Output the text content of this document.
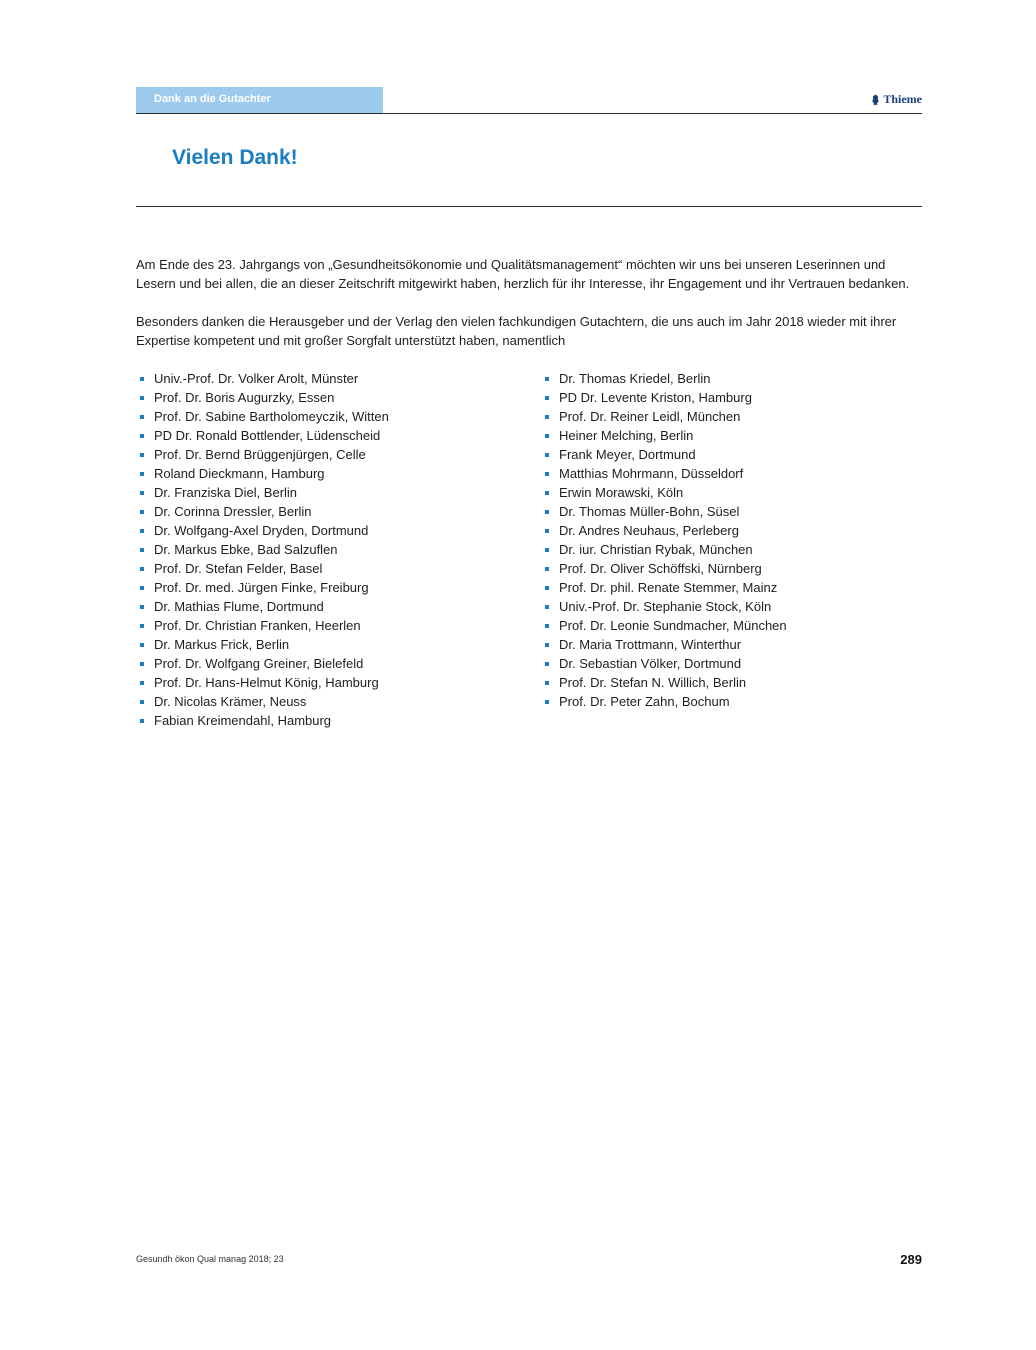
Dank an die Gutachter	Thieme
Vielen Dank!

Am Ende des 23. Jahrgangs von „Gesundheitsökonomie und Qualitätsmanagement“ möchten wir uns bei unseren Leserinnen und Lesern und bei allen, die an dieser Zeitschrift mitgewirkt haben, herzlich für ihr Interesse, ihr Engagement und ihr Vertrauen bedanken.

Besonders danken die Herausgeber und der Verlag den vielen fachkundigen Gutachtern, die uns auch im Jahr 2018 wieder mit ihrer Expertise kompetent und mit großer Sorgfalt unterstützt haben, namentlich

Univ.-Prof. Dr. Volker Arolt, Münster
Prof. Dr. Boris Augurzky, Essen
Prof. Dr. Sabine Bartholomeyczik, Witten
PD Dr. Ronald Bottlender, Lüdenscheid
Prof. Dr. Bernd Brüggenjürgen, Celle
Roland Dieckmann, Hamburg
Dr. Franziska Diel, Berlin
Dr. Corinna Dressler, Berlin
Dr. Wolfgang-Axel Dryden, Dortmund
Dr. Markus Ebke, Bad Salzuflen
Prof. Dr. Stefan Felder, Basel
Prof. Dr. med. Jürgen Finke, Freiburg
Dr. Mathias Flume, Dortmund
Prof. Dr. Christian Franken, Heerlen
Dr. Markus Frick, Berlin
Prof. Dr. Wolfgang Greiner, Bielefeld
Prof. Dr. Hans-Helmut König, Hamburg
Dr. Nicolas Krämer, Neuss
Fabian Kreimendahl, Hamburg
Dr. Thomas Kriedel, Berlin
PD Dr. Levente Kriston, Hamburg
Prof. Dr. Reiner Leidl, München
Heiner Melching, Berlin
Frank Meyer, Dortmund
Matthias Mohrmann, Düsseldorf
Erwin Morawski, Köln
Dr. Thomas Müller-Bohn, Süsel
Dr. Andres Neuhaus, Perleberg
Dr. iur. Christian Rybak, München
Prof. Dr. Oliver Schöffski, Nürnberg
Prof. Dr. phil. Renate Stemmer, Mainz
Univ.-Prof. Dr. Stephanie Stock, Köln
Prof. Dr. Leonie Sundmacher, München
Dr. Maria Trottmann, Winterthur
Dr. Sebastian Völker, Dortmund
Prof. Dr. Stefan N. Willich, Berlin
Prof. Dr. Peter Zahn, Bochum
Gesundh ökon Qual manag 2018; 23	289
